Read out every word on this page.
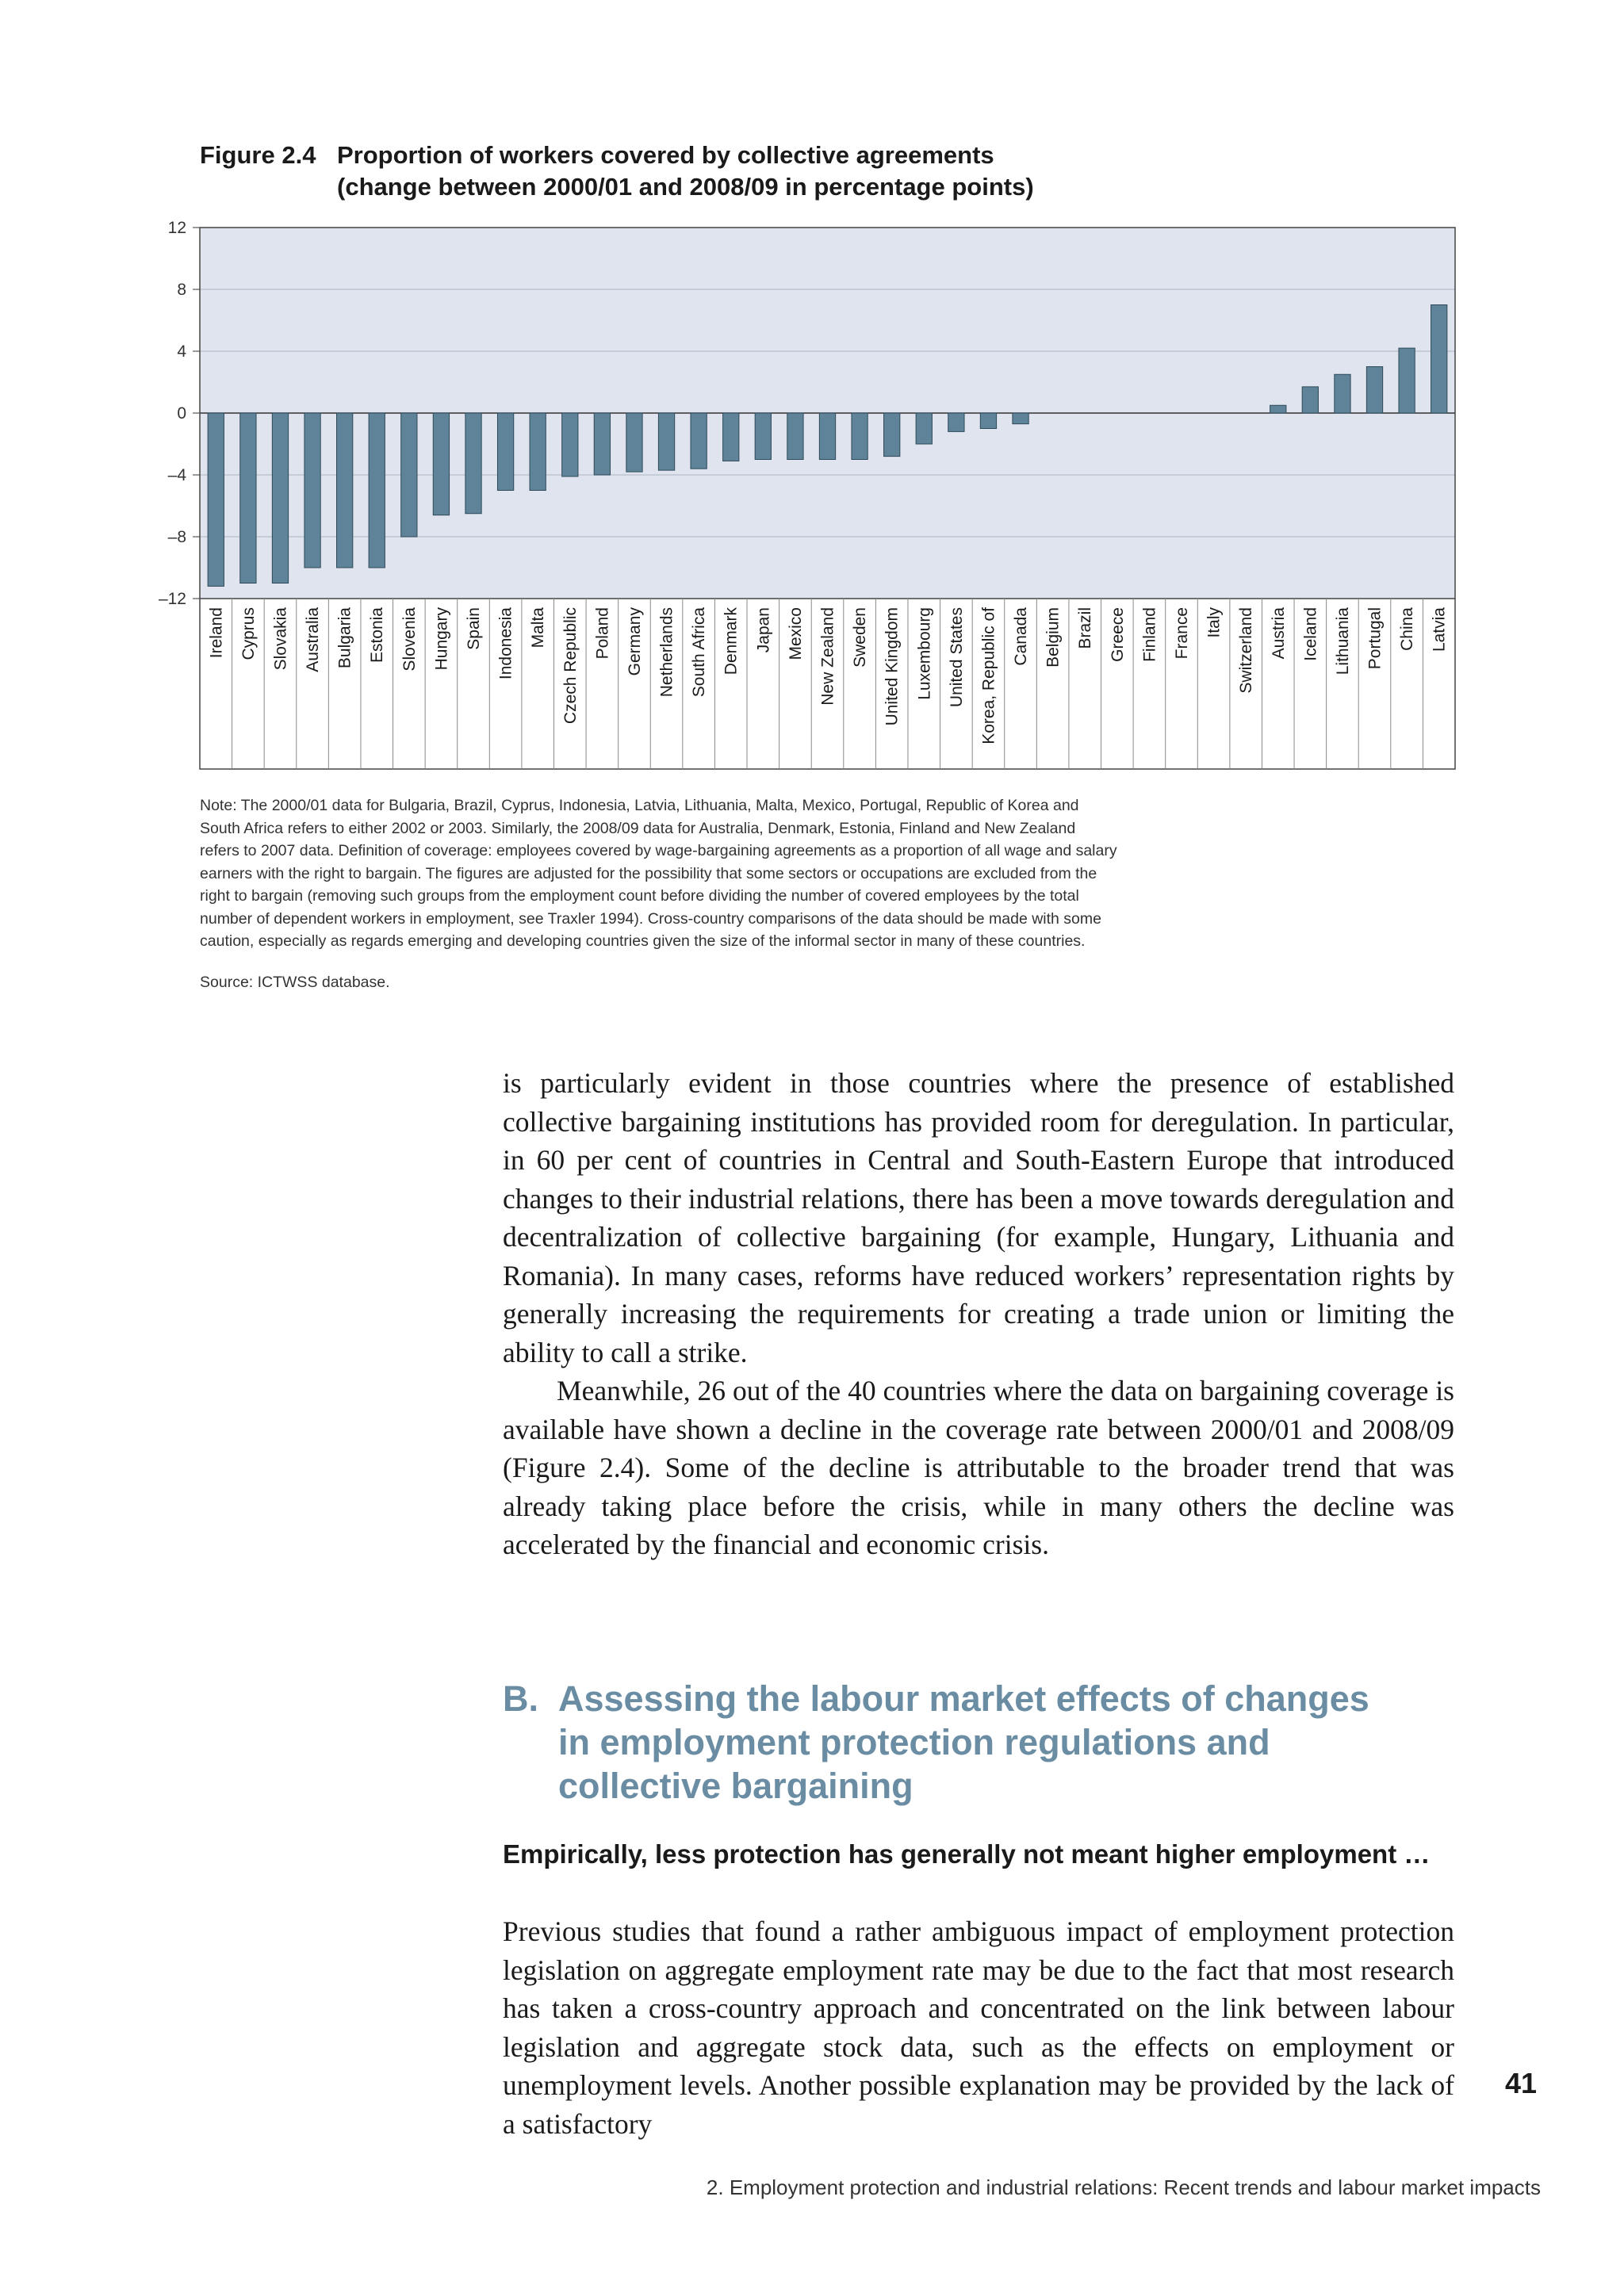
Figure 2.4 Proportion of workers covered by collective agreements
(change between 2000/01 and 2008/09 in percentage points)
12
8
4
0
–4
–8
–12
Ireland Cyprus Slovakia Australia Bulgaria Estonia Slovenia Hungary Spain Indonesia Malta Czech Republic Poland Germany Netherlands South Africa Denmark Japan Mexico New Zealand Sweden United Kingdom Luxembourg United States Korea, Republic of Canada Belgium Brazil Greece Finland France Italy Switzerland Austria Iceland Lithuania Portugal China Latvia
Note: The 2000/01 data for Bulgaria, Brazil, Cyprus, Indonesia, Latvia, Lithuania, Malta, Mexico, Portugal, Republic of Korea and
South Africa refers to either 2002 or 2003. Similarly, the 2008/09 data for Australia, Denmark, Estonia, Finland and New Zealand
refers to 2007 data. Definition of coverage: employees covered by wage-bargaining agreements as a proportion of all wage and salary
earners with the right to bargain. The figures are adjusted for the possibility that some sectors or occupations are excluded from the
right to bargain (removing such groups from the employment count before dividing the number of covered employees by the total
number of dependent workers in employment, see Traxler 1994). Cross-country comparisons of the data should be made with some
caution, especially as regards emerging and developing countries given the size of the informal sector in many of these countries.
Source: ICTWSS database.

is particularly evident in those countries where the presence of established collective bargaining institutions has provided room for deregulation. In particular, in 60 per cent of countries in Central and South-Eastern Europe that introduced changes to their industrial relations, there has been a move towards deregulation and decentralization of collective bargaining (for example, Hungary, Lithuania and Romania). In many cases, reforms have reduced workers’ representation rights by generally increasing the requirements for creating a trade union or limiting the ability to call a strike.

Meanwhile, 26 out of the 40 countries where the data on bargaining coverage is available have shown a decline in the coverage rate between 2000/01 and 2008/09 (Figure 2.4). Some of the decline is attributable to the broader trend that was already taking place before the crisis, while in many others the decline was accelerated by the financial and economic crisis.

B. Assessing the labour market effects of changes
in employment protection regulations and
collective bargaining
Empirically, less protection has generally not meant higher employment …

Previous studies that found a rather ambiguous impact of employment protection legislation on aggregate employment rate may be due to the fact that most research has taken a cross-country approach and concentrated on the link between labour legislation and aggregate stock data, such as the effects on employment or unemployment levels. Another possible explanation may be provided by the lack of a satisfactory

41
2. Employment protection and industrial relations: Recent trends and labour market impacts
